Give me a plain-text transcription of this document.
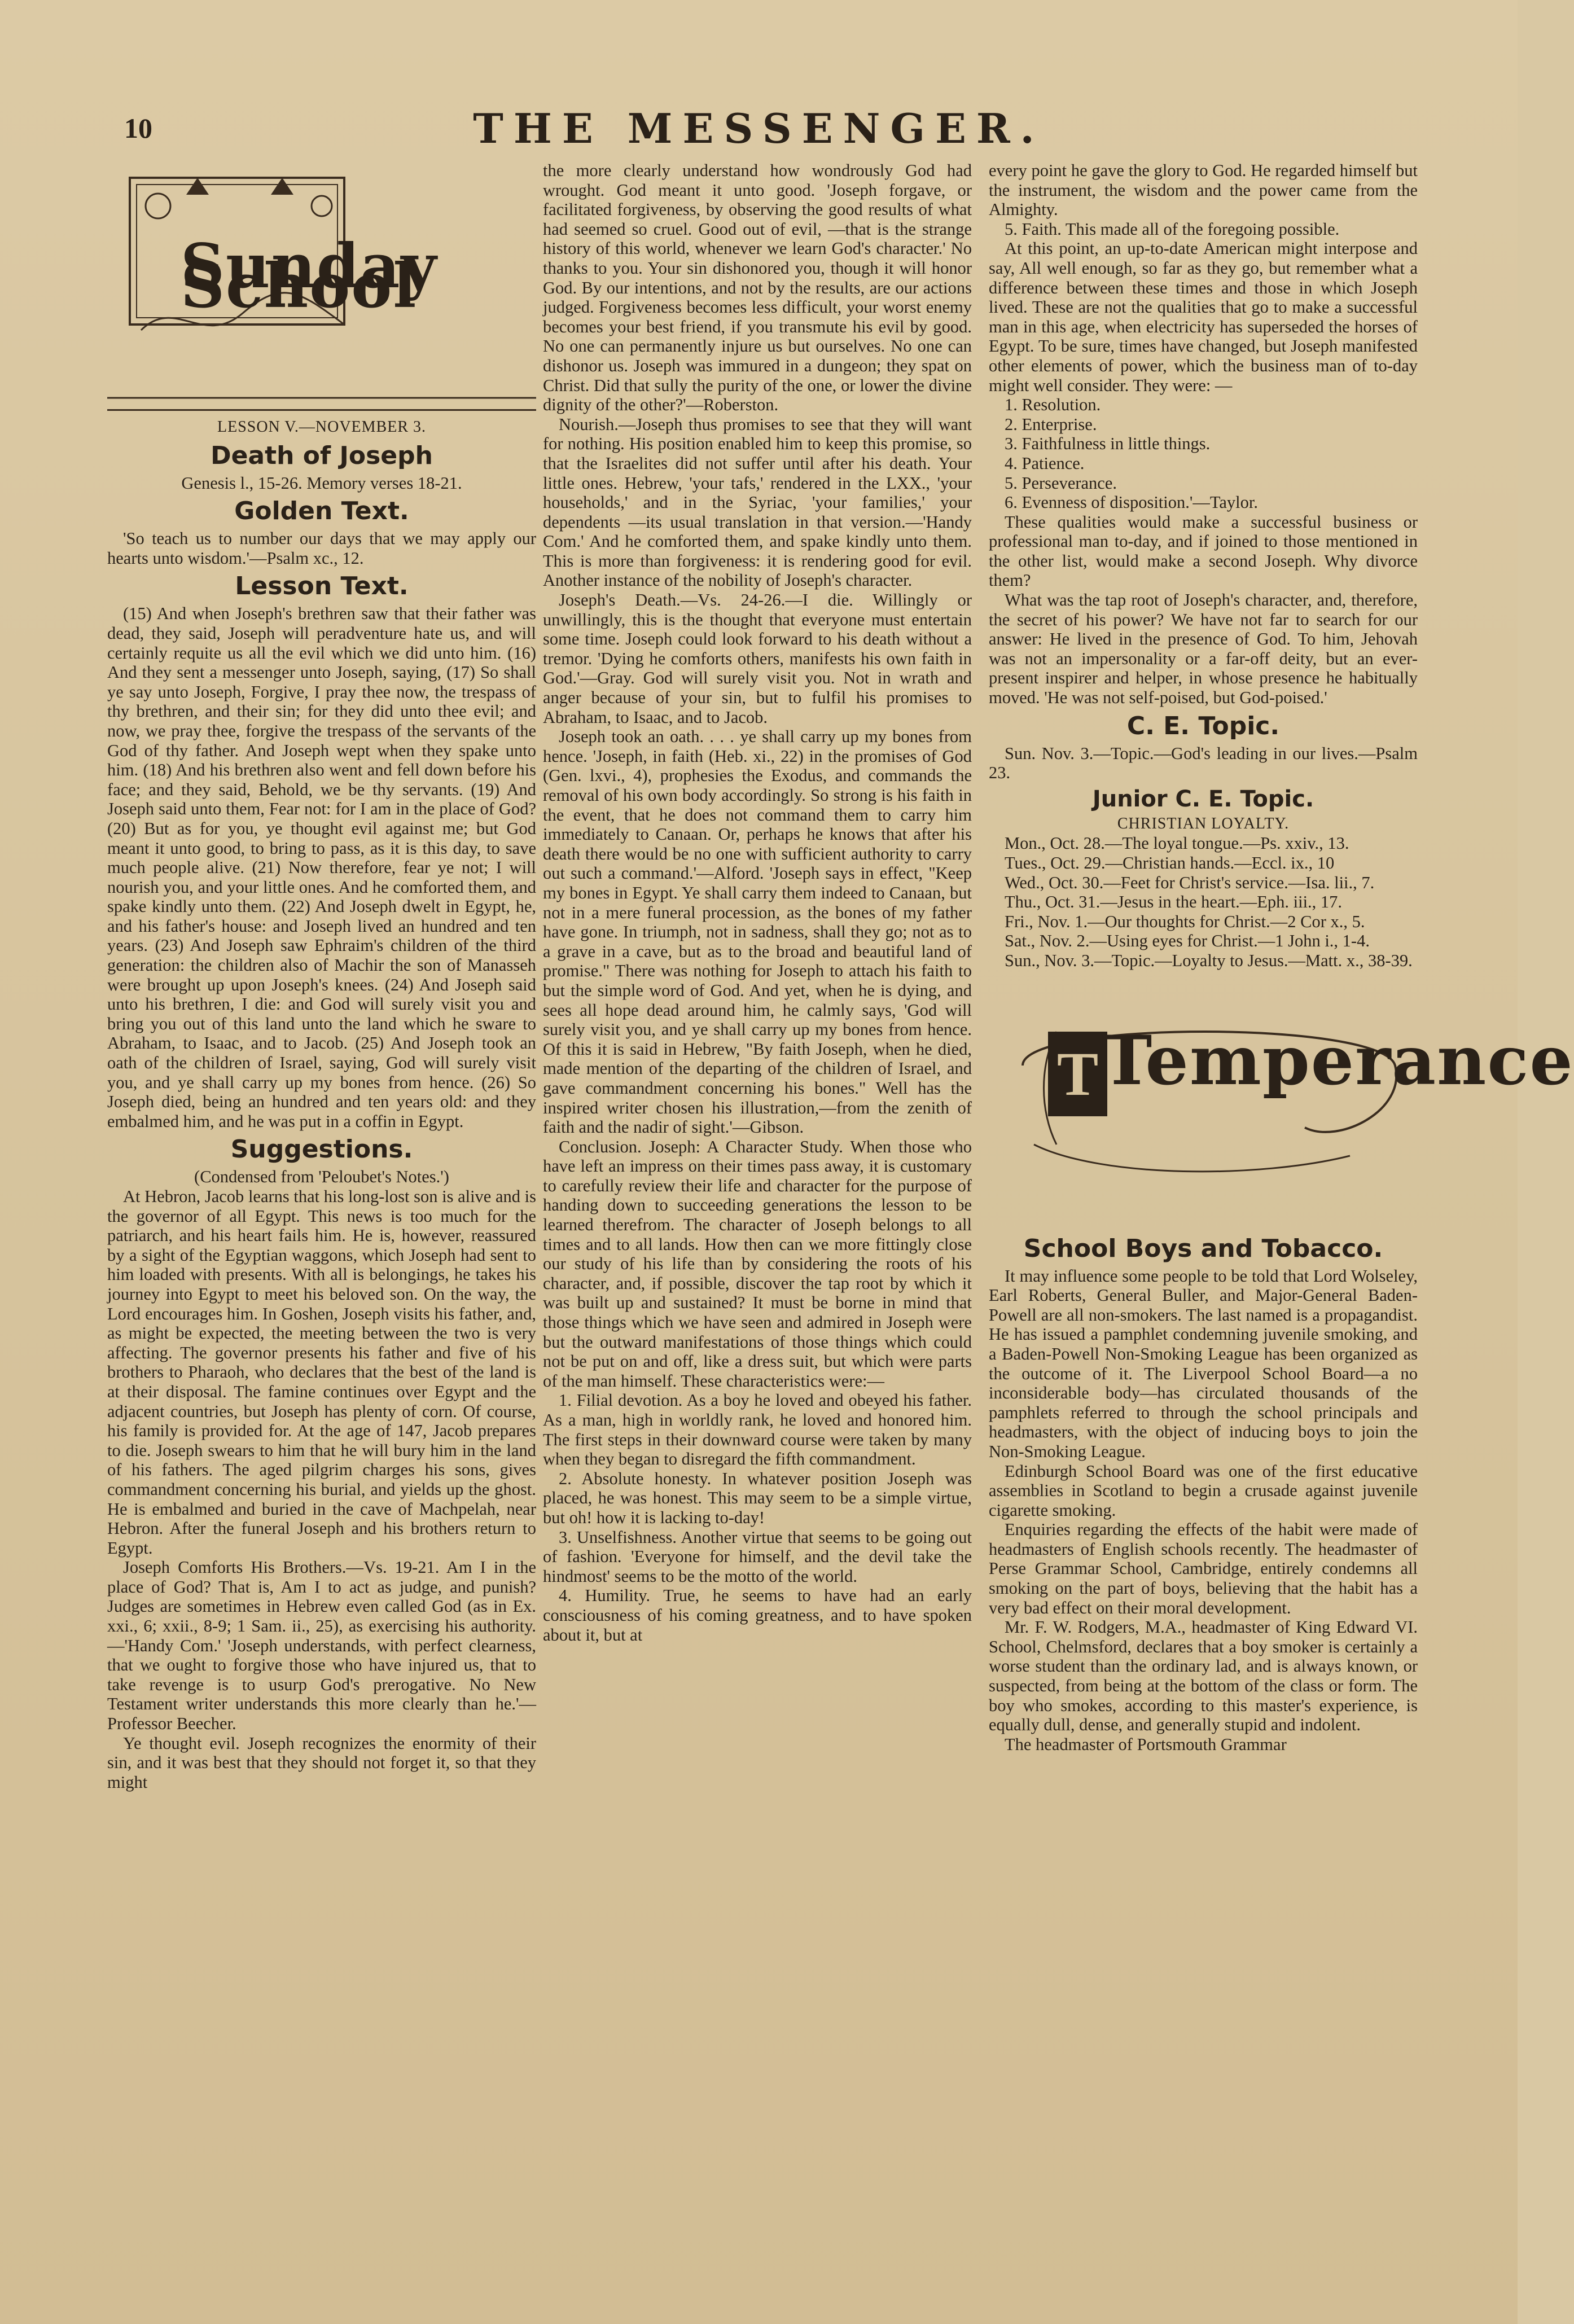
10	THE MESSENGER.
Sunday School

LESSON V.—NOVEMBER 3.

Death of Joseph

Genesis l., 15-26. Memory verses 18-21.

Golden Text.

'So teach us to number our days that we may apply our hearts unto wisdom.'—Psalm xc., 12.

Lesson Text.

(15) And when Joseph's brethren saw that their father was dead, they said, Joseph will peradventure hate us, and will certainly requite us all the evil which we did unto him. (16) And they sent a messenger unto Joseph, saying, (17) So shall ye say unto Joseph, Forgive, I pray thee now, the trespass of thy brethren, and their sin; for they did unto thee evil; and now, we pray thee, forgive the trespass of the servants of the God of thy father. And Joseph wept when they spake unto him. (18) And his brethren also went and fell down before his face; and they said, Behold, we be thy servants. (19) And Joseph said unto them, Fear not: for I am in the place of God? (20) But as for you, ye thought evil against me; but God meant it unto good, to bring to pass, as it is this day, to save much people alive. (21) Now therefore, fear ye not; I will nourish you, and your little ones. And he comforted them, and spake kindly unto them. (22) And Joseph dwelt in Egypt, he, and his father's house: and Joseph lived an hundred and ten years. (23) And Joseph saw Ephraim's children of the third generation: the children also of Machir the son of Manasseh were brought up upon Joseph's knees. (24) And Joseph said unto his brethren, I die: and God will surely visit you and bring you out of this land unto the land which he sware to Abraham, to Isaac, and to Jacob. (25) And Joseph took an oath of the children of Israel, saying, God will surely visit you, and ye shall carry up my bones from hence. (26) So Joseph died, being an hundred and ten years old: and they embalmed him, and he was put in a coffin in Egypt.

Suggestions.

(Condensed from 'Peloubet's Notes.')

At Hebron, Jacob learns that his long-lost son is alive and is the governor of all Egypt. This news is too much for the patriarch, and his heart fails him. He is, however, reassured by a sight of the Egyptian waggons, which Joseph had sent to him loaded with presents. With all is belongings, he takes his journey into Egypt to meet his beloved son. On the way, the Lord encourages him. In Goshen, Joseph visits his father, and, as might be expected, the meeting between the two is very affecting. The governor presents his father and five of his brothers to Pharaoh, who declares that the best of the land is at their disposal. The famine continues over Egypt and the adjacent countries, but Joseph has plenty of corn. Of course, his family is provided for. At the age of 147, Jacob prepares to die. Joseph swears to him that he will bury him in the land of his fathers. The aged pilgrim charges his sons, gives commandment concerning his burial, and yields up the ghost. He is embalmed and buried in the cave of Machpelah, near Hebron. After the funeral Joseph and his brothers return to Egypt.

Joseph Comforts His Brothers.—Vs. 19-21. Am I in the place of God? That is, Am I to act as judge, and punish? Judges are sometimes in Hebrew even called God (as in Ex. xxi., 6; xxii., 8-9; 1 Sam. ii., 25), as exercising his authority.—'Handy Com.' 'Joseph understands, with perfect clearness, that we ought to forgive those who have injured us, that to take revenge is to usurp God's prerogative. No New Testament writer understands this more clearly than he.'—Professor Beecher.

Ye thought evil. Joseph recognizes the enormity of their sin, and it was best that they should not forget it, so that they might

the more clearly understand how wondrously God had wrought. God meant it unto good. 'Joseph forgave, or facilitated forgiveness, by observing the good results of what had seemed so cruel. Good out of evil, —that is the strange history of this world, whenever we learn God's character.' No thanks to you. Your sin dishonored you, though it will honor God. By our intentions, and not by the results, are our actions judged. Forgiveness becomes less difficult, your worst enemy becomes your best friend, if you transmute his evil by good. No one can permanently injure us but ourselves. No one can dishonor us. Joseph was immured in a dungeon; they spat on Christ. Did that sully the purity of the one, or lower the divine dignity of the other?'—Roberston.

Nourish.—Joseph thus promises to see that they will want for nothing. His position enabled him to keep this promise, so that the Israelites did not suffer until after his death. Your little ones. Hebrew, 'your tafs,' rendered in the LXX., 'your households,' and in the Syriac, 'your families,' your dependents —its usual translation in that version.—'Handy Com.' And he comforted them, and spake kindly unto them. This is more than forgiveness: it is rendering good for evil. Another instance of the nobility of Joseph's character.

Joseph's Death.—Vs. 24-26.—I die. Willingly or unwillingly, this is the thought that everyone must entertain some time. Joseph could look forward to his death without a tremor. 'Dying he comforts others, manifests his own faith in God.'—Gray. God will surely visit you. Not in wrath and anger because of your sin, but to fulfil his promises to Abraham, to Isaac, and to Jacob.

Joseph took an oath. . . . ye shall carry up my bones from hence. 'Joseph, in faith (Heb. xi., 22) in the promises of God (Gen. lxvi., 4), prophesies the Exodus, and commands the removal of his own body accordingly. So strong is his faith in the event, that he does not command them to carry him immediately to Canaan. Or, perhaps he knows that after his death there would be no one with sufficient authority to carry out such a command.'—Alford. 'Joseph says in effect, "Keep my bones in Egypt. Ye shall carry them indeed to Canaan, but not in a mere funeral procession, as the bones of my father have gone. In triumph, not in sadness, shall they go; not as to a grave in a cave, but as to the broad and beautiful land of promise." There was nothing for Joseph to attach his faith to but the simple word of God. And yet, when he is dying, and sees all hope dead around him, he calmly says, 'God will surely visit you, and ye shall carry up my bones from hence. Of this it is said in Hebrew, "By faith Joseph, when he died, made mention of the departing of the children of Israel, and gave commandment concerning his bones." Well has the inspired writer chosen his illustration,—from the zenith of faith and the nadir of sight.'—Gibson.

Conclusion. Joseph: A Character Study. When those who have left an impress on their times pass away, it is customary to carefully review their life and character for the purpose of handing down to succeeding generations the lesson to be learned therefrom. The character of Joseph belongs to all times and to all lands. How then can we more fittingly close our study of his life than by considering the roots of his character, and, if possible, discover the tap root by which it was built up and sustained? It must be borne in mind that those things which we have seen and admired in Joseph were but the outward manifestations of those things which could not be put on and off, like a dress suit, but which were parts of the man himself. These characteristics were:—

1. Filial devotion. As a boy he loved and obeyed his father. As a man, high in worldly rank, he loved and honored him. The first steps in their downward course were taken by many when they began to disregard the fifth commandment.

2. Absolute honesty. In whatever position Joseph was placed, he was honest. This may seem to be a simple virtue, but oh! how it is lacking to-day!

3. Unselfishness. Another virtue that seems to be going out of fashion. 'Everyone for himself, and the devil take the hindmost' seems to be the motto of the world.

4. Humility. True, he seems to have had an early consciousness of his coming greatness, and to have spoken about it, but at

every point he gave the glory to God. He regarded himself but the instrument, the wisdom and the power came from the Almighty.

5. Faith. This made all of the foregoing possible.

At this point, an up-to-date American might interpose and say, All well enough, so far as they go, but remember what a difference between these times and those in which Joseph lived. These are not the qualities that go to make a successful man in this age, when electricity has superseded the horses of Egypt. To be sure, times have changed, but Joseph manifested other elements of power, which the business man of to-day might well consider. They were: —

1. Resolution.

2. Enterprise.

3. Faithfulness in little things.

4. Patience.

5. Perseverance.

6. Evenness of disposition.'—Taylor.

These qualities would make a successful business or professional man to-day, and if joined to those mentioned in the other list, would make a second Joseph. Why divorce them?

What was the tap root of Joseph's character, and, therefore, the secret of his power? We have not far to search for our answer: He lived in the presence of God. To him, Jehovah was not an impersonality or a far-off deity, but an ever-present inspirer and helper, in whose presence he habitually moved. 'He was not self-poised, but God-poised.'

C. E. Topic.

Sun. Nov. 3.—Topic.—God's leading in our lives.—Psalm 23.

Junior C. E. Topic.

CHRISTIAN LOYALTY.

Mon., Oct. 28.—The loyal tongue.—Ps. xxiv., 13.

Tues., Oct. 29.—Christian hands.—Eccl. ix., 10

Wed., Oct. 30.—Feet for Christ's service.—Isa. lii., 7.

Thu., Oct. 31.—Jesus in the heart.—Eph. iii., 17.

Fri., Nov. 1.—Our thoughts for Christ.—2 Cor x., 5.

Sat., Nov. 2.—Using eyes for Christ.—1 John i., 1-4.

Sun., Nov. 3.—Topic.—Loyalty to Jesus.—Matt. x., 38-39.

T Temperance
School Boys and Tobacco.

It may influence some people to be told that Lord Wolseley, Earl Roberts, General Buller, and Major-General Baden-Powell are all non-smokers. The last named is a propagandist. He has issued a pamphlet condemning juvenile smoking, and a Baden-Powell Non-Smoking League has been organized as the outcome of it. The Liverpool School Board—a no inconsiderable body—has circulated thousands of the pamphlets referred to through the school principals and headmasters, with the object of inducing boys to join the Non-Smoking League.

Edinburgh School Board was one of the first educative assemblies in Scotland to begin a crusade against juvenile cigarette smoking.

Enquiries regarding the effects of the habit were made of headmasters of English schools recently. The headmaster of Perse Grammar School, Cambridge, entirely condemns all smoking on the part of boys, believing that the habit has a very bad effect on their moral development.

Mr. F. W. Rodgers, M.A., headmaster of King Edward VI. School, Chelmsford, declares that a boy smoker is certainly a worse student than the ordinary lad, and is always known, or suspected, from being at the bottom of the class or form. The boy who smokes, according to this master's experience, is equally dull, dense, and generally stupid and indolent.

The headmaster of Portsmouth Grammar
